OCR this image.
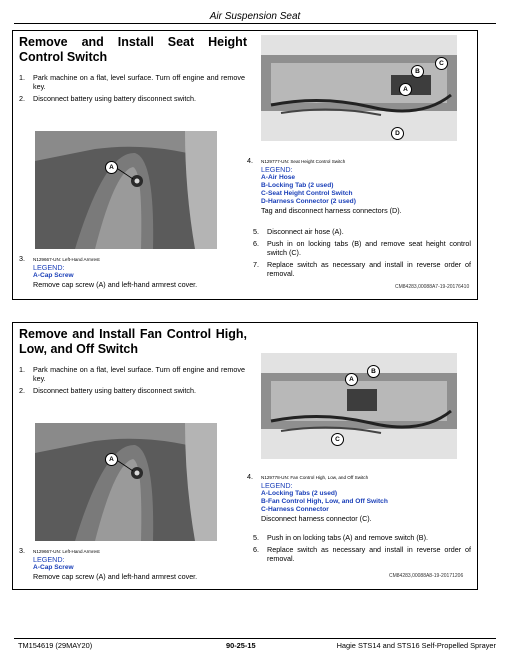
Air Suspension Seat
Remove and Install Seat Height Control Switch
1. Park machine on a flat, level surface. Turn off engine and remove key.
2. Disconnect battery using battery disconnect switch.
A
3. N129667-UN: Left-Hand Armrest
LEGEND:
A-Cap Screw
Remove cap screw (A) and left-hand armrest cover.
B
C
A
D
4. N129777-UN: Seat Height Control Switch
LEGEND:
A-Air Hose
B-Locking Tab (2 used)
C-Seat Height Control Switch
D-Harness Connector (2 used)
Tag and disconnect harness connectors (D).
5. Disconnect air hose (A).
6. Push in on locking tabs (B) and remove seat height control switch (C).
7. Replace switch as necessary and install in reverse order of removal.
CM84283,00088A7-19-20176410
Remove and Install Fan Control High, Low, and Off Switch
1. Park machine on a flat, level surface. Turn off engine and remove key.
2. Disconnect battery using battery disconnect switch.
A
3. N129667-UN: Left-Hand Armrest
LEGEND:
A-Cap Screw
Remove cap screw (A) and left-hand armrest cover.
A
B
C
4. N129778-UN: Fan Control High, Low, and Off Switch
LEGEND:
A-Locking Tabs (2 used)
B-Fan Control High, Low, and Off Switch
C-Harness Connector
Disconnect harness connector (C).
5. Push in on locking tabs (A) and remove switch (B).
6. Replace switch as necessary and install in reverse order of removal.
CM84283,00088A8-19-20171206
TM154619 (29MAY20)	90-25-15	Hagie STS14 and STS16 Self-Propelled Sprayer
